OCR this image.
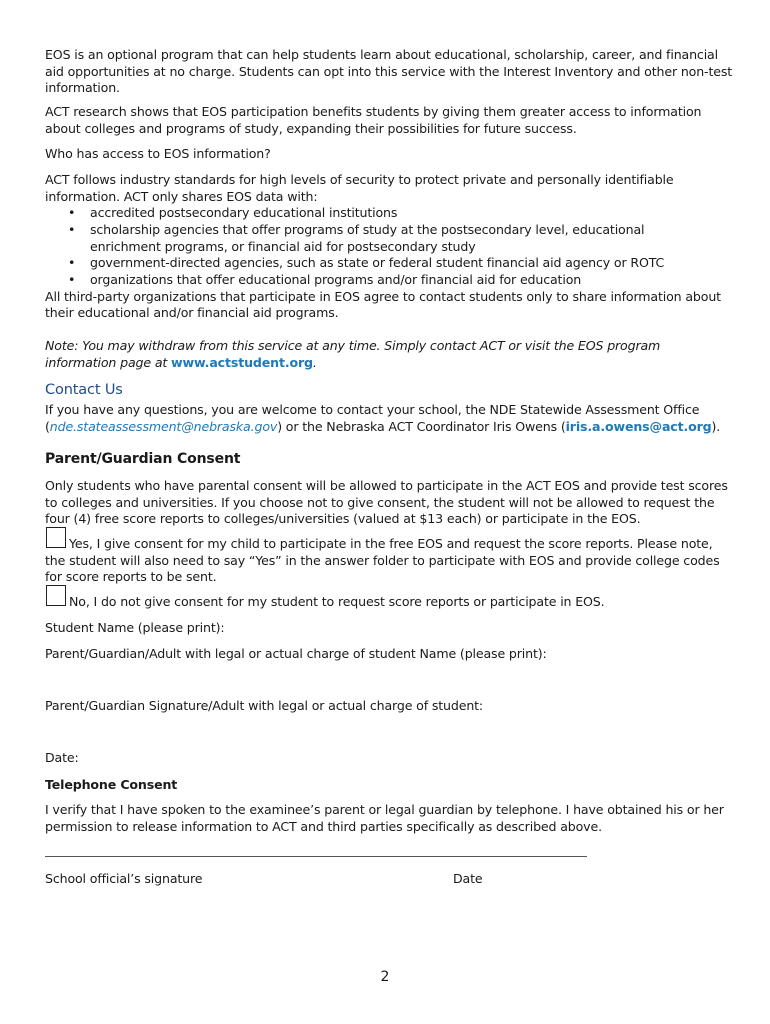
EOS is an optional program that can help students learn about educational, scholarship, career, and financial aid opportunities at no charge. Students can opt into this service with the Interest Inventory and other non-test information.
ACT research shows that EOS participation benefits students by giving them greater access to information about colleges and programs of study, expanding their possibilities for future success.
Who has access to EOS information?
ACT follows industry standards for high levels of security to protect private and personally identifiable information. ACT only shares EOS data with:
• accredited postsecondary educational institutions
• scholarship agencies that offer programs of study at the postsecondary level, educational enrichment programs, or financial aid for postsecondary study
• government-directed agencies, such as state or federal student financial aid agency or ROTC
• organizations that offer educational programs and/or financial aid for education
All third-party organizations that participate in EOS agree to contact students only to share information about their educational and/or financial aid programs.
Note: You may withdraw from this service at any time. Simply contact ACT or visit the EOS program information page at www.actstudent.org.
Contact Us
If you have any questions, you are welcome to contact your school, the NDE Statewide Assessment Office (nde.stateassessment@nebraska.gov) or the Nebraska ACT Coordinator Iris Owens (iris.a.owens@act.org).
Parent/Guardian Consent
Only students who have parental consent will be allowed to participate in the ACT EOS and provide test scores to colleges and universities. If you choose not to give consent, the student will not be allowed to request the four (4) free score reports to colleges/universities (valued at $13 each) or participate in the EOS.
Yes, I give consent for my child to participate in the free EOS and request the score reports. Please note, the student will also need to say “Yes” in the answer folder to participate with EOS and provide college codes for score reports to be sent.
No, I do not give consent for my student to request score reports or participate in EOS.
Student Name (please print):
Parent/Guardian/Adult with legal or actual charge of student Name (please print):
Parent/Guardian Signature/Adult with legal or actual charge of student:
Date:
Telephone Consent
I verify that I have spoken to the examinee’s parent or legal guardian by telephone. I have obtained his or her permission to release information to ACT and third parties specifically as described above.
School official’s signature	Date
2
